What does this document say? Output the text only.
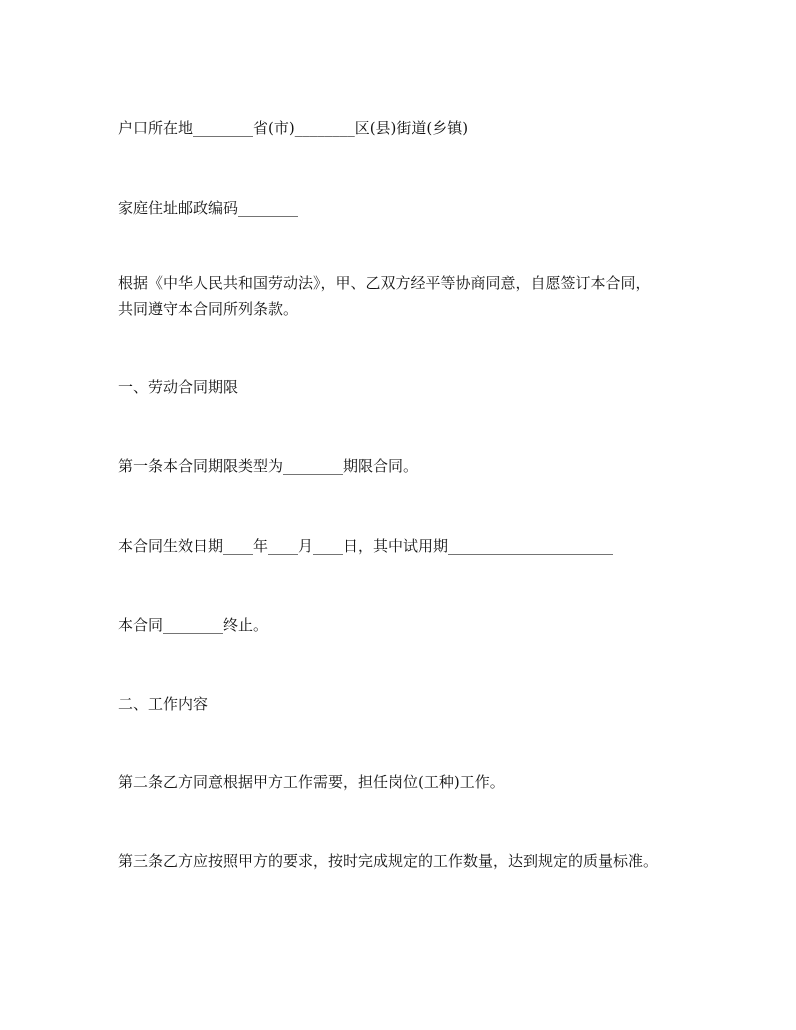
户口所在地________省(市)________区(县)街道(乡镇)

家庭住址邮政编码________

根据《中华人民共和国劳动法》，甲、乙双方经平等协商同意，自愿签订本合同，

共同遵守本合同所列条款。

一、劳动合同期限

第一条本合同期限类型为________期限合同。

本合同生效日期____年____月____日，其中试用期______________________

本合同________终止。

二、工作内容

第二条乙方同意根据甲方工作需要，担任岗位(工种)工作。

第三条乙方应按照甲方的要求，按时完成规定的工作数量，达到规定的质量标准。
